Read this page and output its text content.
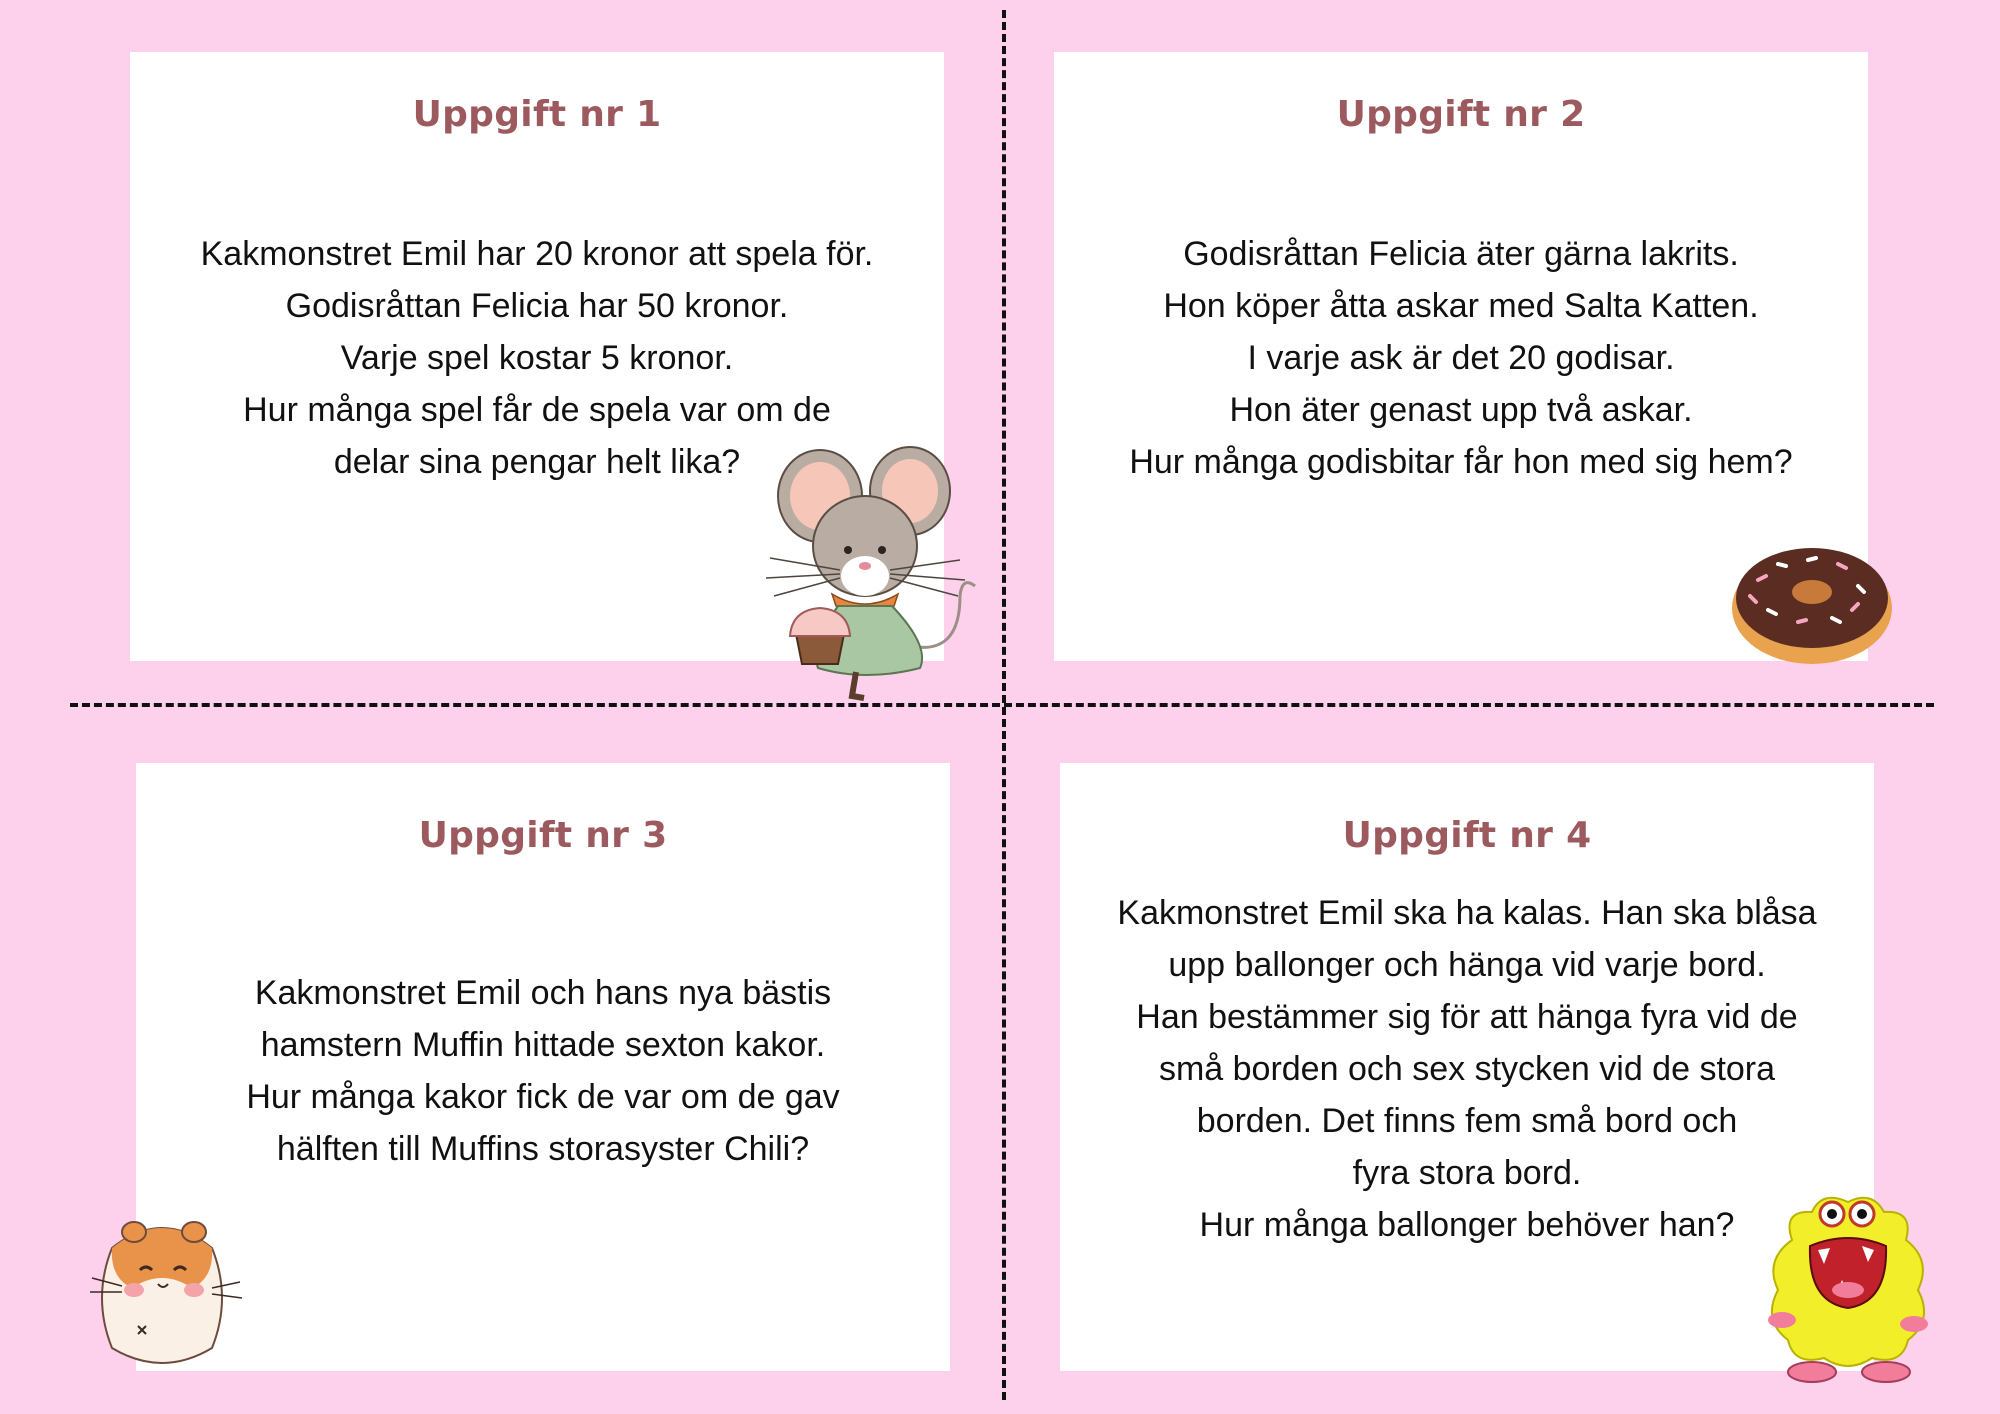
Uppgift nr 1
Kakmonstret Emil har 20 kronor att spela för.
Godisråttan Felicia har 50 kronor.
Varje spel kostar 5 kronor.
Hur många spel får de spela var om de
delar sina pengar helt lika?
Uppgift nr 2
Godisråttan Felicia äter gärna lakrits.
Hon köper åtta askar med Salta Katten.
I varje ask är det 20 godisar.
Hon äter genast upp två askar.
Hur många godisbitar får hon med sig hem?
Uppgift nr 3
Kakmonstret Emil och hans nya bästis
hamstern Muffin hittade sexton kakor.
Hur många kakor fick de var om de gav
hälften till Muffins storasyster Chili?
Uppgift nr 4
Kakmonstret Emil ska ha kalas. Han ska blåsa
upp ballonger och hänga vid varje bord.
Han bestämmer sig för att hänga fyra vid de
små borden och sex stycken vid de stora
borden. Det finns fem små bord och
fyra stora bord.
Hur många ballonger behöver han?
